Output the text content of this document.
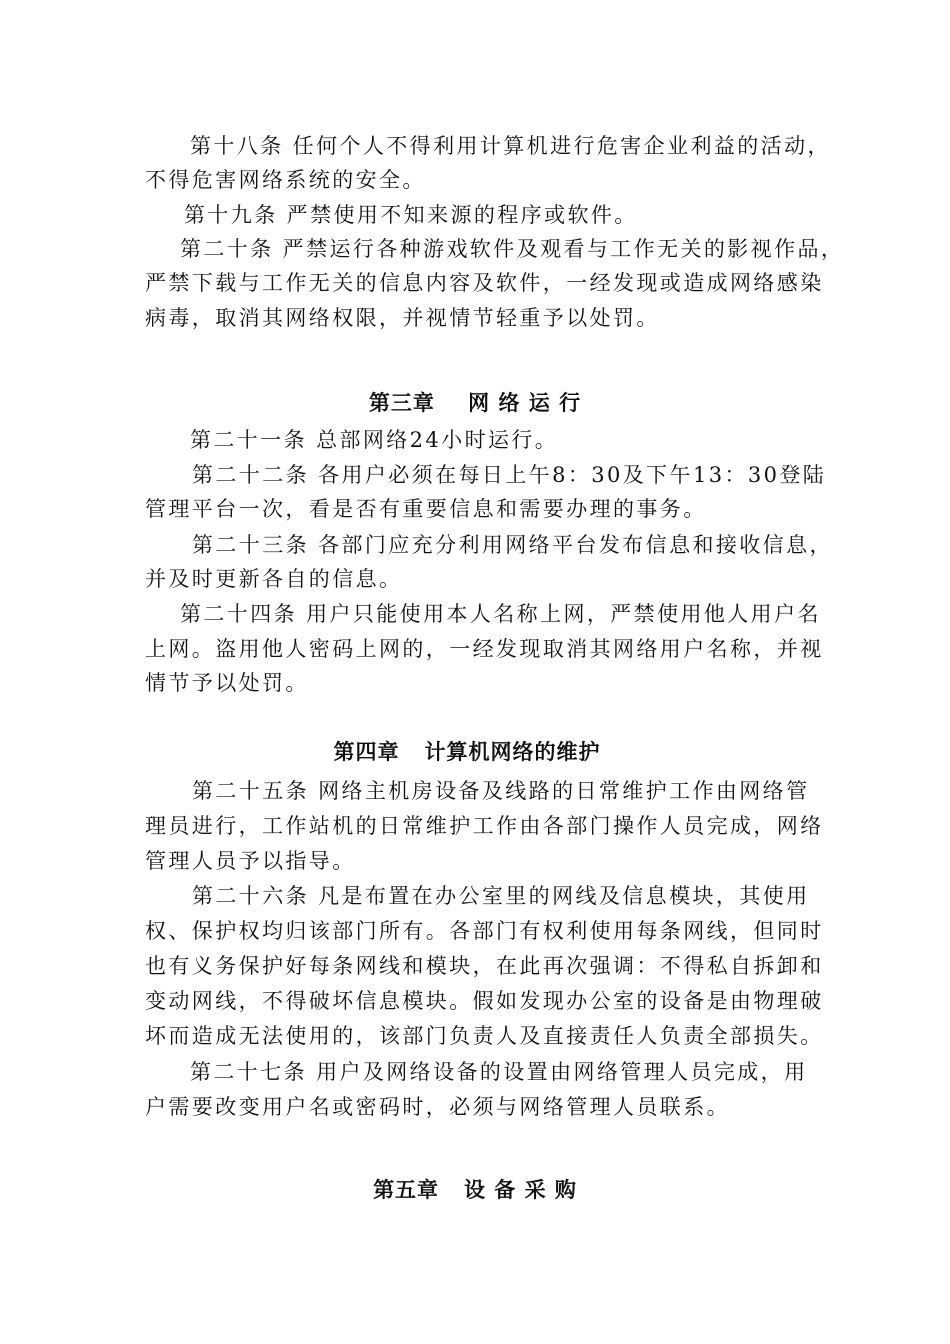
第十八条 任何个人不得利用计算机进行危害企业利益的活动，
不得危害网络系统的安全。
第十九条 严禁使用不知来源的程序或软件。
第二十条 严禁运行各种游戏软件及观看与工作无关的影视作品，
严禁下载与工作无关的信息内容及软件，一经发现或造成网络感染
病毒，取消其网络权限，并视情节轻重予以处罚。
第三章    网 络 运 行
第二十一条 总部网络24小时运行。
第二十二条 各用户必须在每日上午8：30及下午13：30登陆
管理平台一次，看是否有重要信息和需要办理的事务。
第二十三条 各部门应充分利用网络平台发布信息和接收信息，
并及时更新各自的信息。
第二十四条 用户只能使用本人名称上网，严禁使用他人用户名
上网。盗用他人密码上网的，一经发现取消其网络用户名称，并视
情节予以处罚。
第四章   计算机网络的维护
第二十五条 网络主机房设备及线路的日常维护工作由网络管
理员进行，工作站机的日常维护工作由各部门操作人员完成，网络
管理人员予以指导。
第二十六条 凡是布置在办公室里的网线及信息模块，其使用
权、保护权均归该部门所有。各部门有权利使用每条网线，但同时
也有义务保护好每条网线和模块，在此再次强调：不得私自拆卸和
变动网线，不得破坏信息模块。假如发现办公室的设备是由物理破
坏而造成无法使用的，该部门负责人及直接责任人负责全部损失。
第二十七条 用户及网络设备的设置由网络管理人员完成，用
户需要改变用户名或密码时，必须与网络管理人员联系。
第五章   设 备 采 购
